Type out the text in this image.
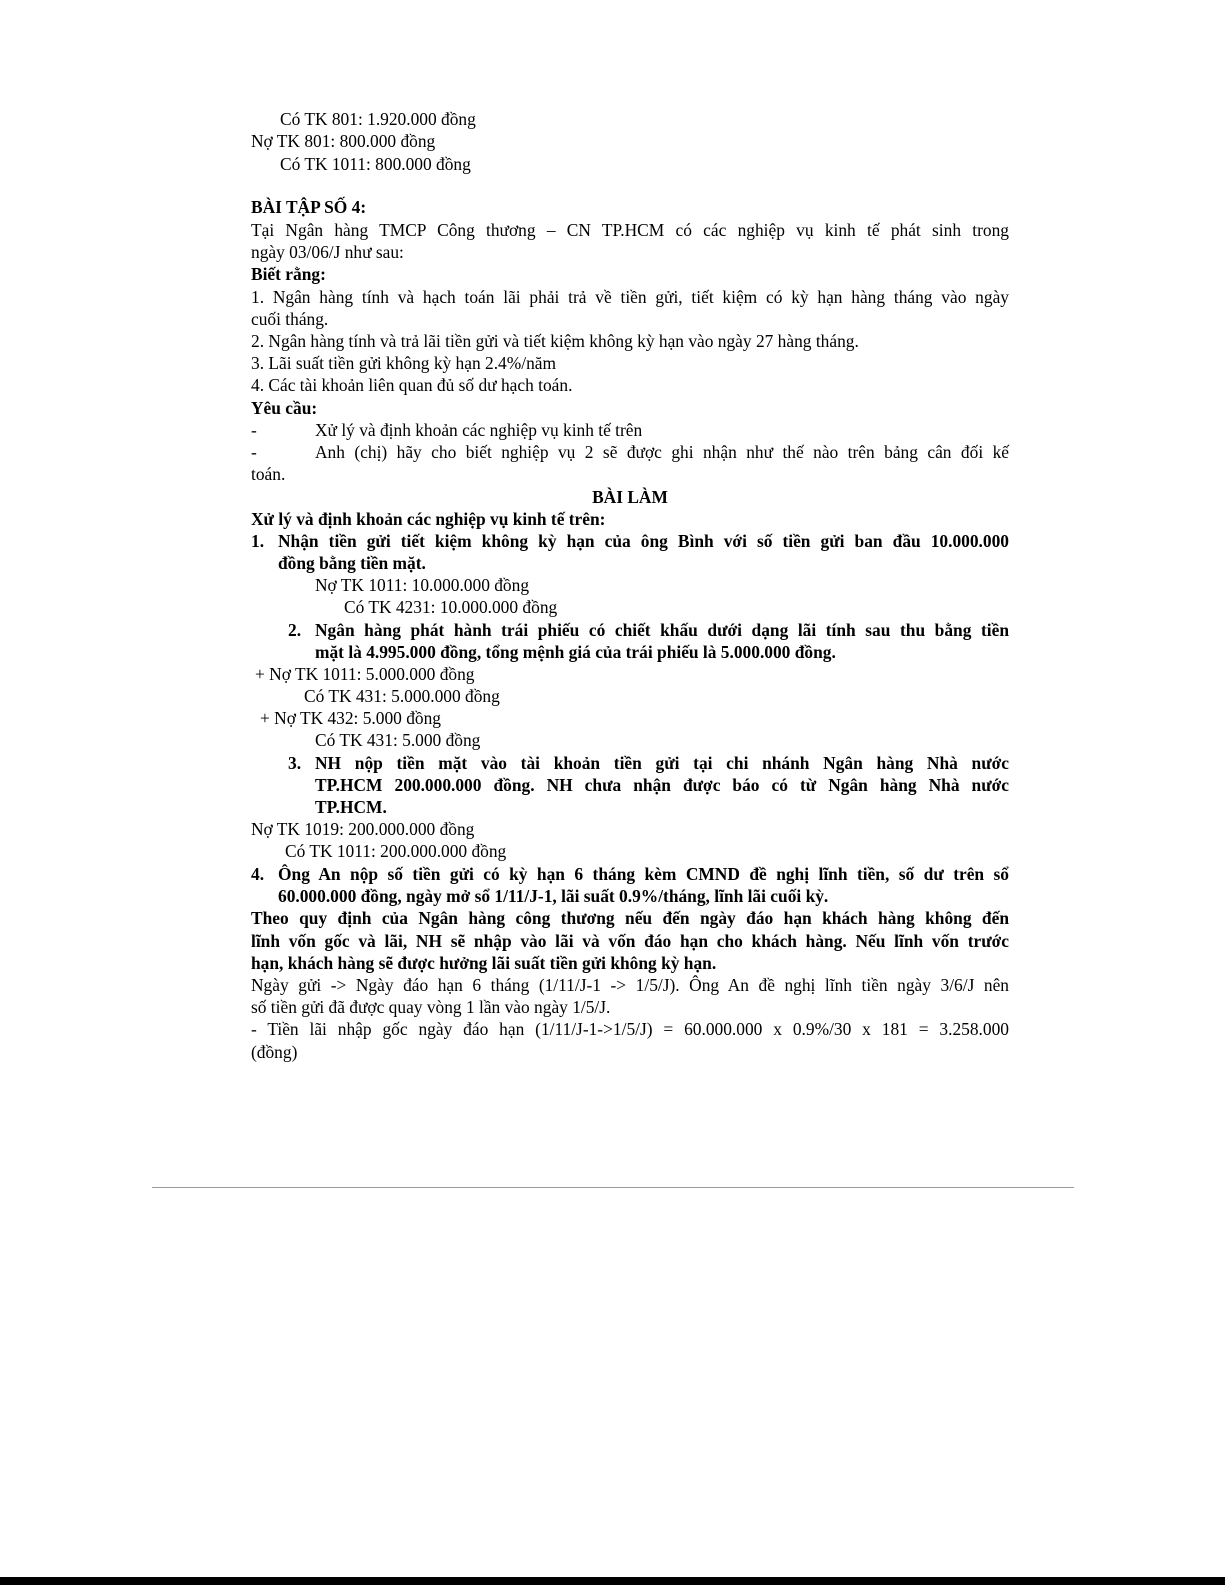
Có TK 801: 1.920.000 đồng
Nợ TK 801: 800.000 đồng
Có TK 1011: 800.000 đồng
BÀI TẬP SỐ 4:
Tại Ngân hàng TMCP Công thương – CN TP.HCM có các nghiệp vụ kinh tế phát sinh trong
ngày 03/06/J như sau:
Biết rằng:
1. Ngân hàng tính và hạch toán lãi phải trả về tiền gửi, tiết kiệm có kỳ hạn hàng tháng vào ngày
cuối tháng.
2. Ngân hàng tính và trả lãi tiền gửi và tiết kiệm không kỳ hạn vào ngày 27 hàng tháng.
3. Lãi suất tiền gửi không kỳ hạn 2.4%/năm
4. Các tài khoản liên quan đủ số dư hạch toán.
Yêu cầu:
-	Xử lý và định khoản các nghiệp vụ kinh tế trên
-	Anh (chị) hãy cho biết nghiệp vụ 2 sẽ được ghi nhận như thế nào trên bảng cân đối kế
toán.
BÀI LÀM
Xử lý và định khoản các nghiệp vụ kinh tế trên:
1. Nhận tiền gửi tiết kiệm không kỳ hạn của ông Bình với số tiền gửi ban đầu 10.000.000
đồng bằng tiền mặt.
Nợ TK 1011: 10.000.000 đồng
Có TK 4231: 10.000.000 đồng
2. Ngân hàng phát hành trái phiếu có chiết khấu dưới dạng lãi tính sau thu bằng tiền
mặt là 4.995.000 đồng, tổng mệnh giá của trái phiếu là 5.000.000 đồng.
+ Nợ TK 1011: 5.000.000 đồng
Có TK 431: 5.000.000 đồng
+ Nợ TK 432: 5.000 đồng
Có TK 431: 5.000 đồng
3. NH nộp tiền mặt vào tài khoản tiền gửi tại chi nhánh Ngân hàng Nhà nước
TP.HCM 200.000.000 đồng. NH chưa nhận được báo có từ Ngân hàng Nhà nước
TP.HCM.
Nợ TK 1019: 200.000.000 đồng
Có TK 1011: 200.000.000 đồng
4. Ông An nộp số tiền gửi có kỳ hạn 6 tháng kèm CMND đề nghị lĩnh tiền, số dư trên sổ
60.000.000 đồng, ngày mở sổ 1/11/J-1, lãi suất 0.9%/tháng, lĩnh lãi cuối kỳ.
Theo quy định của Ngân hàng công thương nếu đến ngày đáo hạn khách hàng không đến
lĩnh vốn gốc và lãi, NH sẽ nhập vào lãi và vốn đáo hạn cho khách hàng. Nếu lĩnh vốn trước
hạn, khách hàng sẽ được hưởng lãi suất tiền gửi không kỳ hạn.
Ngày gửi -> Ngày đáo hạn 6 tháng (1/11/J-1 -> 1/5/J). Ông An đề nghị lĩnh tiền ngày 3/6/J nên
số tiền gửi đã được quay vòng 1 lần vào ngày 1/5/J.
- Tiền lãi nhập gốc ngày đáo hạn (1/11/J-1->1/5/J) = 60.000.000 x 0.9%/30 x 181 = 3.258.000
(đồng)
